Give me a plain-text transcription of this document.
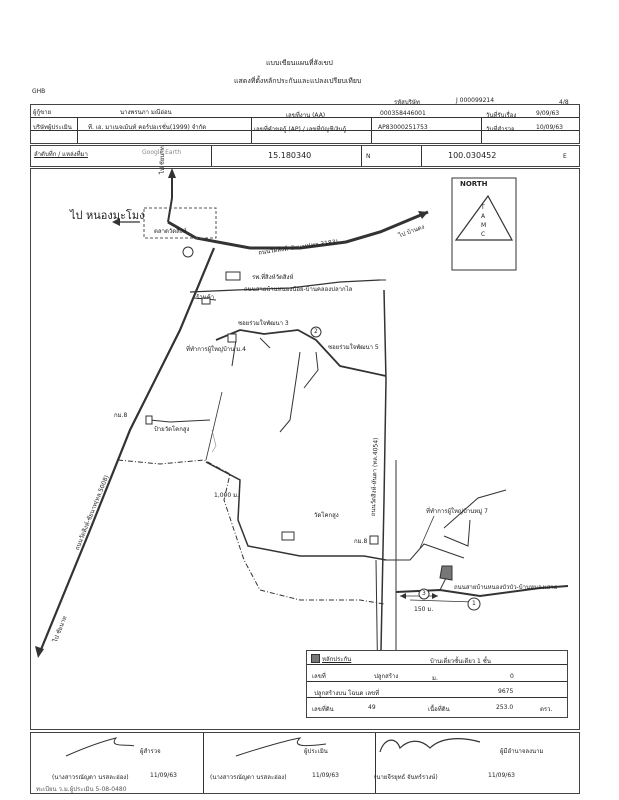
แบบเขียนแผนที่สังเขป
แสดงที่ตั้งหลักประกันและแปลงเปรียบเทียบ
4/8
GHB
รหัสบริษัท	J 000099214
ผู้กู้ขาย	นางพรนภา มณีอ่อน	เลขที่งาน (AA)	000358446001	วันที่รับเรื่อง	9/09/63
บริษัทผู้ประเมิน	ที. เอ. มาเนจเม้นท์ คอร์ปอเรชั่น(1999) จำกัด	เลขที่คำขอกู้ (AP) / เลขที่บัญชีเงินกู้	AP83000251753	วันที่สำรวจ	10/09/63
ลำดับที่ก / แหล่งที่มา	Google Earth	15.180340	N	100.030452	E
NORTH
T
A
M
C
ไป หนองมะโมง
ตลาดวัดสิงห์
ไป ชัยนาท
ถนนวัดสิงห์-ชัยนาท(ทล.3183)
ไป บ้านดง
รพ.ที่สิงห์วัดสิงห์
ถนนสายบ้านหนองน้อย-บ้านคลองปลากไล
ร้านค้า
ซอยร่วมใจพัฒนา 3
ที่ทำการผู้ใหญ่บ้าน ม.4	ซอยร่วมใจพัฒนา 5
กม.8
ป้ายวัดโคกสูง
ถนนวัดสิงห์-ชัยนาท(ทล.5008)	ถนนวัดสิงห์-หันคา (ทล.4054)
1,000 ม.
วัดโคกสูง
ที่ทำการผู้ใหญ่บ้านหมู่ 7
กม.8
ถนนสายบ้านหนองบัวบัว-บ้านหนองเสาธ
150 ม.
ไป ชัยนาท
1
2
3
หลักประกัน	บ้านเดี่ยวชั้นเดียว 1 ชั้น
เลขที่	ปลูกสร้าง	ม.	0
ปลูกสร้างบน โฉนด เลขที่	9675
เลขที่ดิน	49	เนื้อที่ดิน	253.0	ตรว.
ผู้สำรวจ
(นางสาวรณัญดา นรสละอ่อง)	11/09/63
ผู้ประเมิน
(นางสาวรณัญดา นรสละอ่อง)	11/09/63
ผู้มีอำนาจลงนาม
(นายจีรยุทธ์ จันทร์รวงษ์)	11/09/63
ทะเบียน ว.ม.ผู้ประเมิน 5-08-0480
